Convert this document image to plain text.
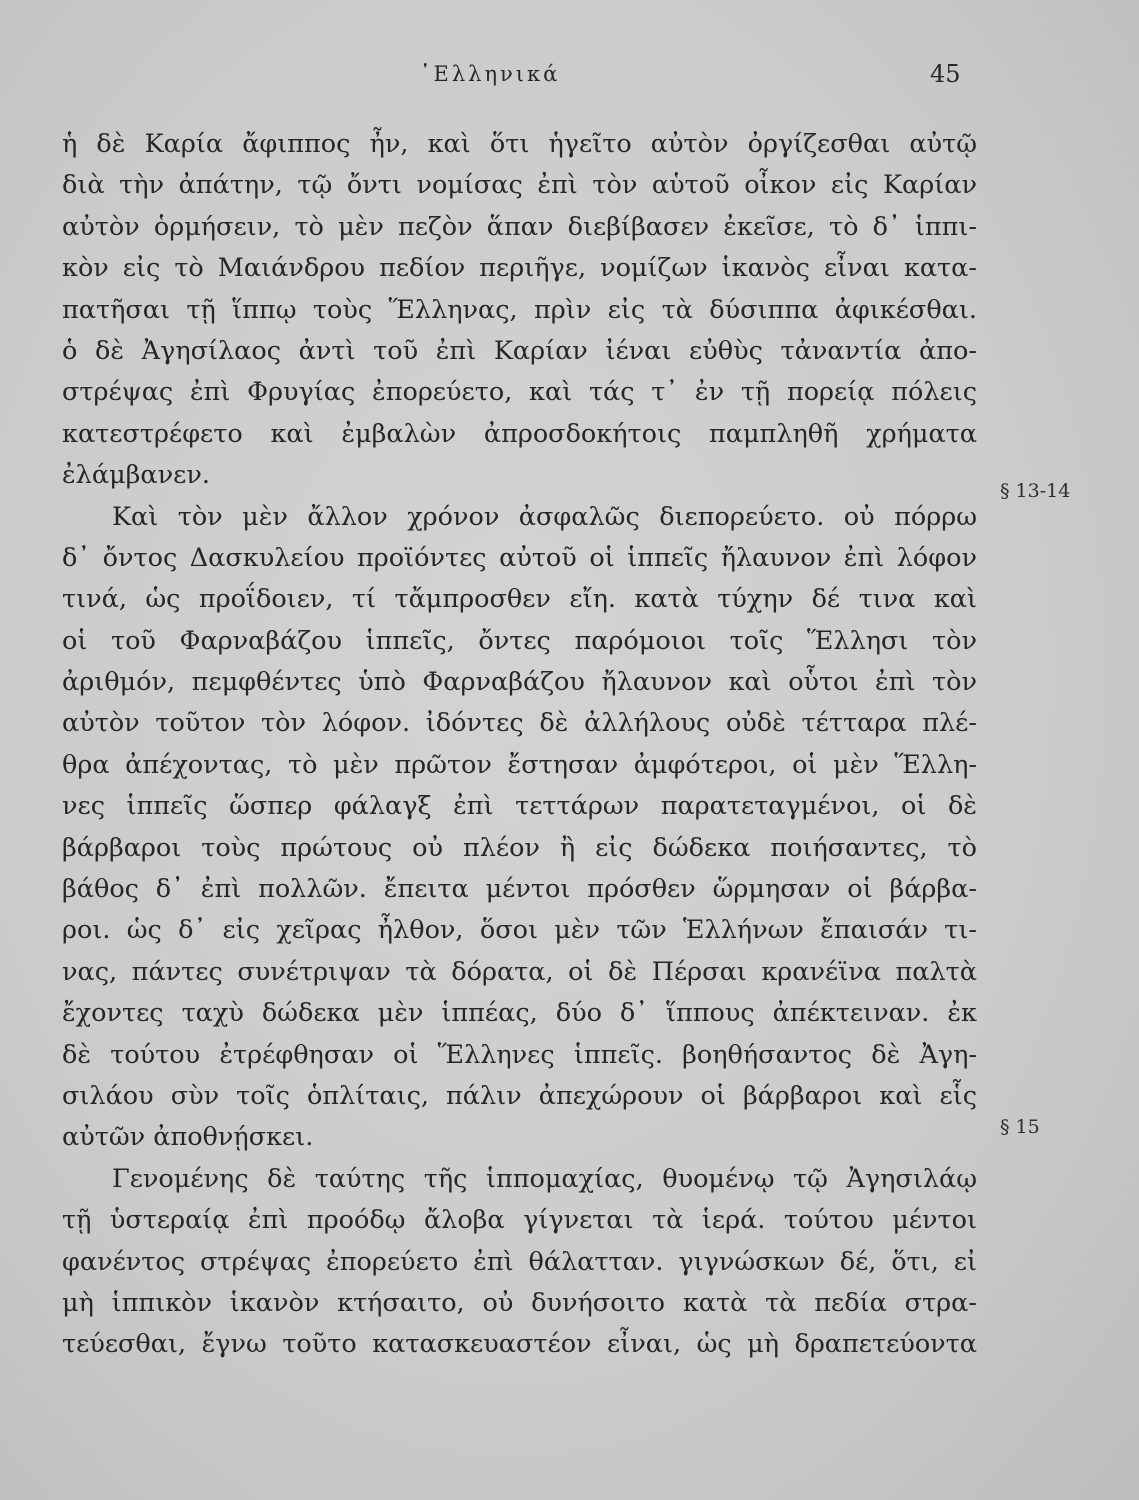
῾Ελληνικά	45
ἡ δὲ Καρία ἄφιππος ἦν, καὶ ὅτι ἡγεῖτο αὐτὸν ὀργίζεσθαι αὐτῷ
διὰ τὴν ἀπάτην, τῷ ὄντι νομίσας ἐπὶ τὸν αὑτοῦ οἶκον εἰς Καρίαν
αὐτὸν ὁρμήσειν, τὸ μὲν πεζὸν ἅπαν διεβίβασεν ἐκεῖσε, τὸ δ᾽ ἱππι-
κὸν εἰς τὸ Μαιάνδρου πεδίον περιῆγε, νομίζων ἱκανὸς εἶναι κατα-
πατῆσαι τῇ ἵππῳ τοὺς Ἕλληνας, πρὶν εἰς τὰ δύσιππα ἀφικέσθαι.
ὁ δὲ Ἀγησίλαος ἀντὶ τοῦ ἐπὶ Καρίαν ἰέναι εὐθὺς τἀναντία ἀπο-
στρέψας ἐπὶ Φρυγίας ἐπορεύετο, καὶ τάς τ᾽ ἐν τῇ πορείᾳ πόλεις
κατεστρέφετο καὶ ἐμβαλὼν ἀπροσδοκήτοις παμπληθῆ χρήματα
ἐλάμβανεν.
Καὶ τὸν μὲν ἄλλον χρόνον ἀσφαλῶς διεπορεύετο. οὐ πόρρω
δ᾽ ὄντος Δασκυλείου προϊόντες αὐτοῦ οἱ ἱππεῖς ἤλαυνον ἐπὶ λόφον
τινά, ὡς προΐδοιεν, τί τἄμπροσθεν εἴη. κατὰ τύχην δέ τινα καὶ
οἱ τοῦ Φαρναβάζου ἱππεῖς, ὄντες παρόμοιοι τοῖς Ἕλλησι τὸν
ἀριθμόν, πεμφθέντες ὑπὸ Φαρναβάζου ἤλαυνον καὶ οὗτοι ἐπὶ τὸν
αὐτὸν τοῦτον τὸν λόφον. ἰδόντες δὲ ἀλλήλους οὐδὲ τέτταρα πλέ-
θρα ἀπέχοντας, τὸ μὲν πρῶτον ἔστησαν ἀμφότεροι, οἱ μὲν Ἕλλη-
νες ἱππεῖς ὥσπερ φάλαγξ ἐπὶ τεττάρων παρατεταγμένοι, οἱ δὲ
βάρβαροι τοὺς πρώτους οὐ πλέον ἢ εἰς δώδεκα ποιήσαντες, τὸ
βάθος δ᾽ ἐπὶ πολλῶν. ἔπειτα μέντοι πρόσθεν ὥρμησαν οἱ βάρβα-
ροι. ὡς δ᾽ εἰς χεῖρας ἦλθον, ὅσοι μὲν τῶν Ἑλλήνων ἔπαισάν τι-
νας, πάντες συνέτριψαν τὰ δόρατα, οἱ δὲ Πέρσαι κρανέϊνα παλτὰ
ἔχοντες ταχὺ δώδεκα μὲν ἱππέας, δύο δ᾽ ἵππους ἀπέκτειναν. ἐκ
δὲ τούτου ἐτρέφθησαν οἱ Ἕλληνες ἱππεῖς. βοηθήσαντος δὲ Ἀγη-
σιλάου σὺν τοῖς ὁπλίταις, πάλιν ἀπεχώρουν οἱ βάρβαροι καὶ εἷς
αὐτῶν ἀποθνῄσκει.
Γενομένης δὲ ταύτης τῆς ἱππομαχίας, θυομένῳ τῷ Ἀγησιλάῳ
τῇ ὑστεραίᾳ ἐπὶ προόδῳ ἄλοβα γίγνεται τὰ ἱερά. τούτου μέντοι
φανέντος στρέψας ἐπορεύετο ἐπὶ θάλατταν. γιγνώσκων δέ, ὅτι, εἰ
μὴ ἱππικὸν ἱκανὸν κτήσαιτο, οὐ δυνήσοιτο κατὰ τὰ πεδία στρα-
τεύεσθαι, ἔγνω τοῦτο κατασκευαστέον εἶναι, ὡς μὴ δραπετεύοντα
§ 13-14
§ 15
